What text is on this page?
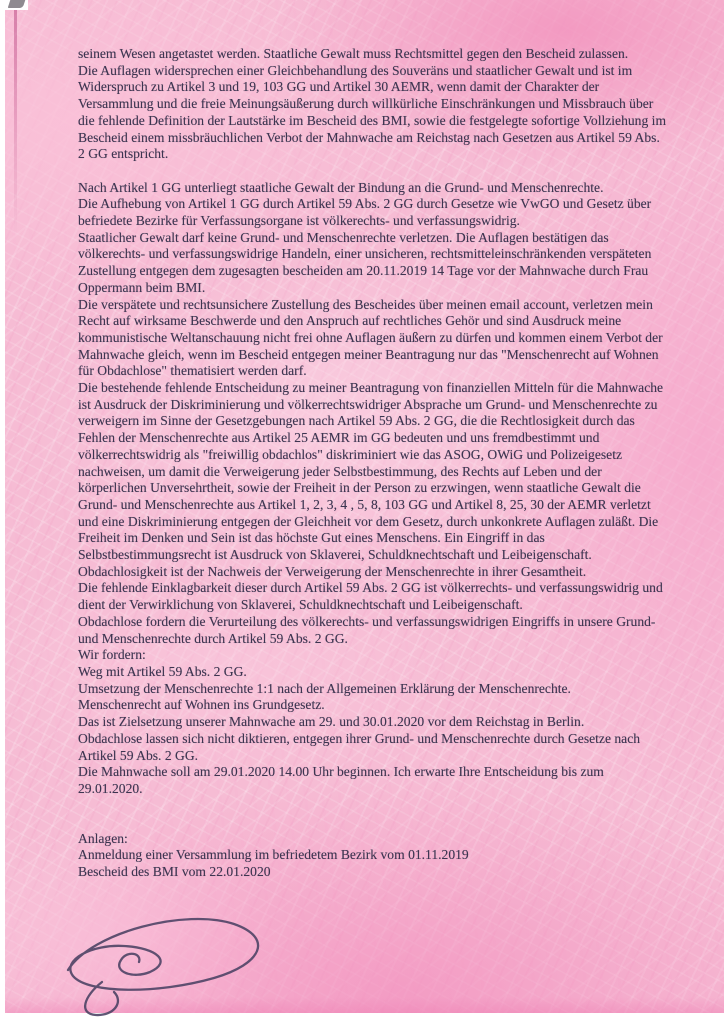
seinem Wesen angetastet werden. Staatliche Gewalt muss Rechtsmittel gegen den Bescheid zulassen.

Die Auflagen widersprechen einer Gleichbehandlung des Souveräns und staatlicher Gewalt und ist im Widerspruch zu Artikel 3 und 19, 103 GG und Artikel 30 AEMR, wenn damit der Charakter der Versammlung und die freie Meinungsäußerung durch willkürliche Einschränkungen und Missbrauch über die fehlende Definition der Lautstärke im Bescheid des BMI, sowie die festgelegte sofortige Vollziehung im Bescheid einem missbräuchlichen Verbot der Mahnwache am Reichstag nach Gesetzen aus Artikel 59 Abs. 2 GG entspricht.

Nach Artikel 1 GG unterliegt staatliche Gewalt der Bindung an die Grund- und Menschenrechte.

Die Aufhebung von Artikel 1 GG durch Artikel 59 Abs. 2 GG durch Gesetze wie VwGO und Gesetz über befriedete Bezirke für Verfassungsorgane ist völkerechts- und verfassungswidrig.

Staatlicher Gewalt darf keine Grund- und Menschenrechte verletzen. Die Auflagen bestätigen das völkerechts- und verfassungswidrige Handeln, einer unsicheren, rechtsmitteleinschränkenden verspäteten Zustellung entgegen dem zugesagten bescheiden am 20.11.2019 14 Tage vor der Mahnwache durch Frau Oppermann beim BMI.

Die verspätete und rechtsunsichere Zustellung des Bescheides über meinen email account, verletzen mein Recht auf wirksame Beschwerde und den Anspruch auf rechtliches Gehör und sind Ausdruck meine kommunistische Weltanschauung nicht frei ohne Auflagen äußern zu dürfen und kommen einem Verbot der Mahnwache gleich, wenn im Bescheid entgegen meiner Beantragung nur das "Menschenrecht auf Wohnen für Obdachlose" thematisiert werden darf.

Die bestehende fehlende Entscheidung zu meiner Beantragung von finanziellen Mitteln für die Mahnwache ist Ausdruck der Diskriminierung und völkerrechtswidriger Absprache um Grund- und Menschenrechte zu verweigern im Sinne der Gesetzgebungen nach Artikel 59 Abs. 2 GG, die die Rechtlosigkeit durch das Fehlen der Menschenrechte aus Artikel 25 AEMR im GG bedeuten und uns fremdbestimmt und völkerrechtswidrig als "freiwillig obdachlos" diskriminiert wie das ASOG, OWiG und Polizeigesetz nachweisen, um damit die Verweigerung jeder Selbstbestimmung, des Rechts auf Leben und der körperlichen Unversehrtheit, sowie der Freiheit in der Person zu erzwingen, wenn staatliche Gewalt die Grund- und Menschenrechte aus Artikel 1, 2, 3, 4 , 5, 8, 103 GG und Artikel 8, 25, 30 der AEMR verletzt und eine Diskriminierung entgegen der Gleichheit vor dem Gesetz, durch unkonkrete Auflagen zuläßt. Die Freiheit im Denken und Sein ist das höchste Gut eines Menschens. Ein Eingriff in das Selbstbestimmungsrecht ist Ausdruck von Sklaverei, Schuldknechtschaft und Leibeigenschaft.

Obdachlosigkeit ist der Nachweis der Verweigerung der Menschenrechte in ihrer Gesamtheit.

Die fehlende Einklagbarkeit dieser durch Artikel 59 Abs. 2 GG ist völkerrechts- und verfassungswidrig und dient der Verwirklichung von Sklaverei, Schuldknechtschaft und Leibeigenschaft.

Obdachlose fordern die Verurteilung des völkerechts- und verfassungswidrigen Eingriffs in unsere Grund- und Menschenrechte durch Artikel 59 Abs. 2 GG.

Wir fordern:

Weg mit Artikel 59 Abs. 2 GG.

Umsetzung der Menschenrechte 1:1 nach der Allgemeinen Erklärung der Menschenrechte.

Menschenrecht auf Wohnen ins Grundgesetz.

Das ist Zielsetzung unserer Mahnwache am 29. und 30.01.2020 vor dem Reichstag in Berlin.

Obdachlose lassen sich nicht diktieren, entgegen ihrer Grund- und Menschenrechte durch Gesetze nach Artikel 59 Abs. 2 GG.

Die Mahnwache soll am 29.01.2020 14.00 Uhr beginnen. Ich erwarte Ihre Entscheidung bis zum 29.01.2020.

Anlagen:

Anmeldung einer Versammlung im befriedetem Bezirk vom 01.11.2019

Bescheid des BMI vom 22.01.2020
